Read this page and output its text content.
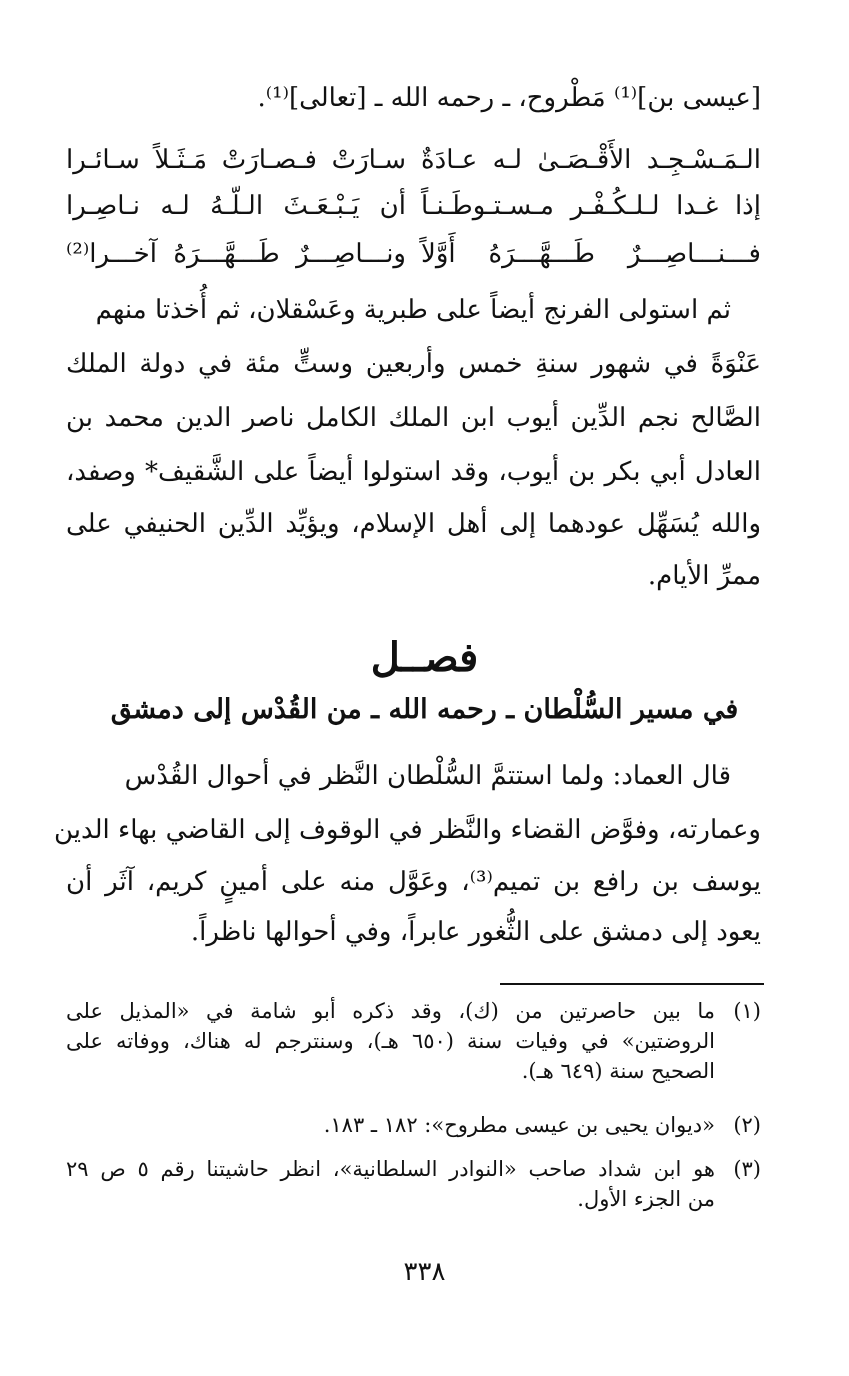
[عيسى بن]⁽¹⁾ مَطْروح، ـ رحمه الله ـ [تعالى]⁽¹⁾.
الـمَـسْـجِـد الأَقْـصَـىٰ لـه عـادَةٌ
سـارَتْ فـصـارَتْ مَـثَـلاً سـائـرا
إذا غـدا لـلـكُـفْـر مـسـتـوطَـنـاً
أن يَـبْـعَـثَ الـلّـهُ لـه نـاصِـرا
فـــنـــاصِـــرٌ طَـــهَّـــرَهُ أَوَّلاً
ونـــاصِـــرٌ طَـــهَّـــرَهُ آخـــرا⁽²⁾
ثم استولى الفرنج أيضاً على طبرية وعَسْقلان، ثم أُخذتا منهم
عَنْوَةً في شهور سنةِ خمس وأربعين وستٍّ مئة في دولة الملك
الصَّالح نجم الدِّين أيوب ابن الملك الكامل ناصر الدين محمد بن
العادل أبي بكر بن أيوب، وقد استولوا أيضاً على الشَّقيف* وصفد،
والله يُسَهِّل عودهما إلى أهل الإسلام، ويؤيِّد الدِّين الحنيفي على
ممرِّ الأيام.
فصــل
في مسير السُّلْطان ـ رحمه الله ـ من القُدْس إلى دمشق
قال العماد: ولما استتمَّ السُّلْطان النَّظر في أحوال القُدْس
وعمارته، وفوَّض القضاء والنَّظر في الوقوف إلى القاضي بهاء الدين
يوسف بن رافع بن تميم⁽³⁾، وعَوَّل منه على أمينٍ كريم، آثَر أن
يعود إلى دمشق على الثُّغور عابراً، وفي أحوالها ناظراً.
(١)
ما بين حاصرتين من (ك)، وقد ذكره أبو شامة في «المذيل على
الروضتين» في وفيات سنة (٦٥٠ هـ)، وسنترجم له هناك، ووفاته على
الصحيح سنة (٦٤٩ هـ).
(٢)
«ديوان يحيى بن عيسى مطروح»: ١٨٢ ـ ١٨٣.
(٣)
هو ابن شداد صاحب «النوادر السلطانية»، انظر حاشيتنا رقم ٥ ص ٢٩
من الجزء الأول.
٣٣٨
